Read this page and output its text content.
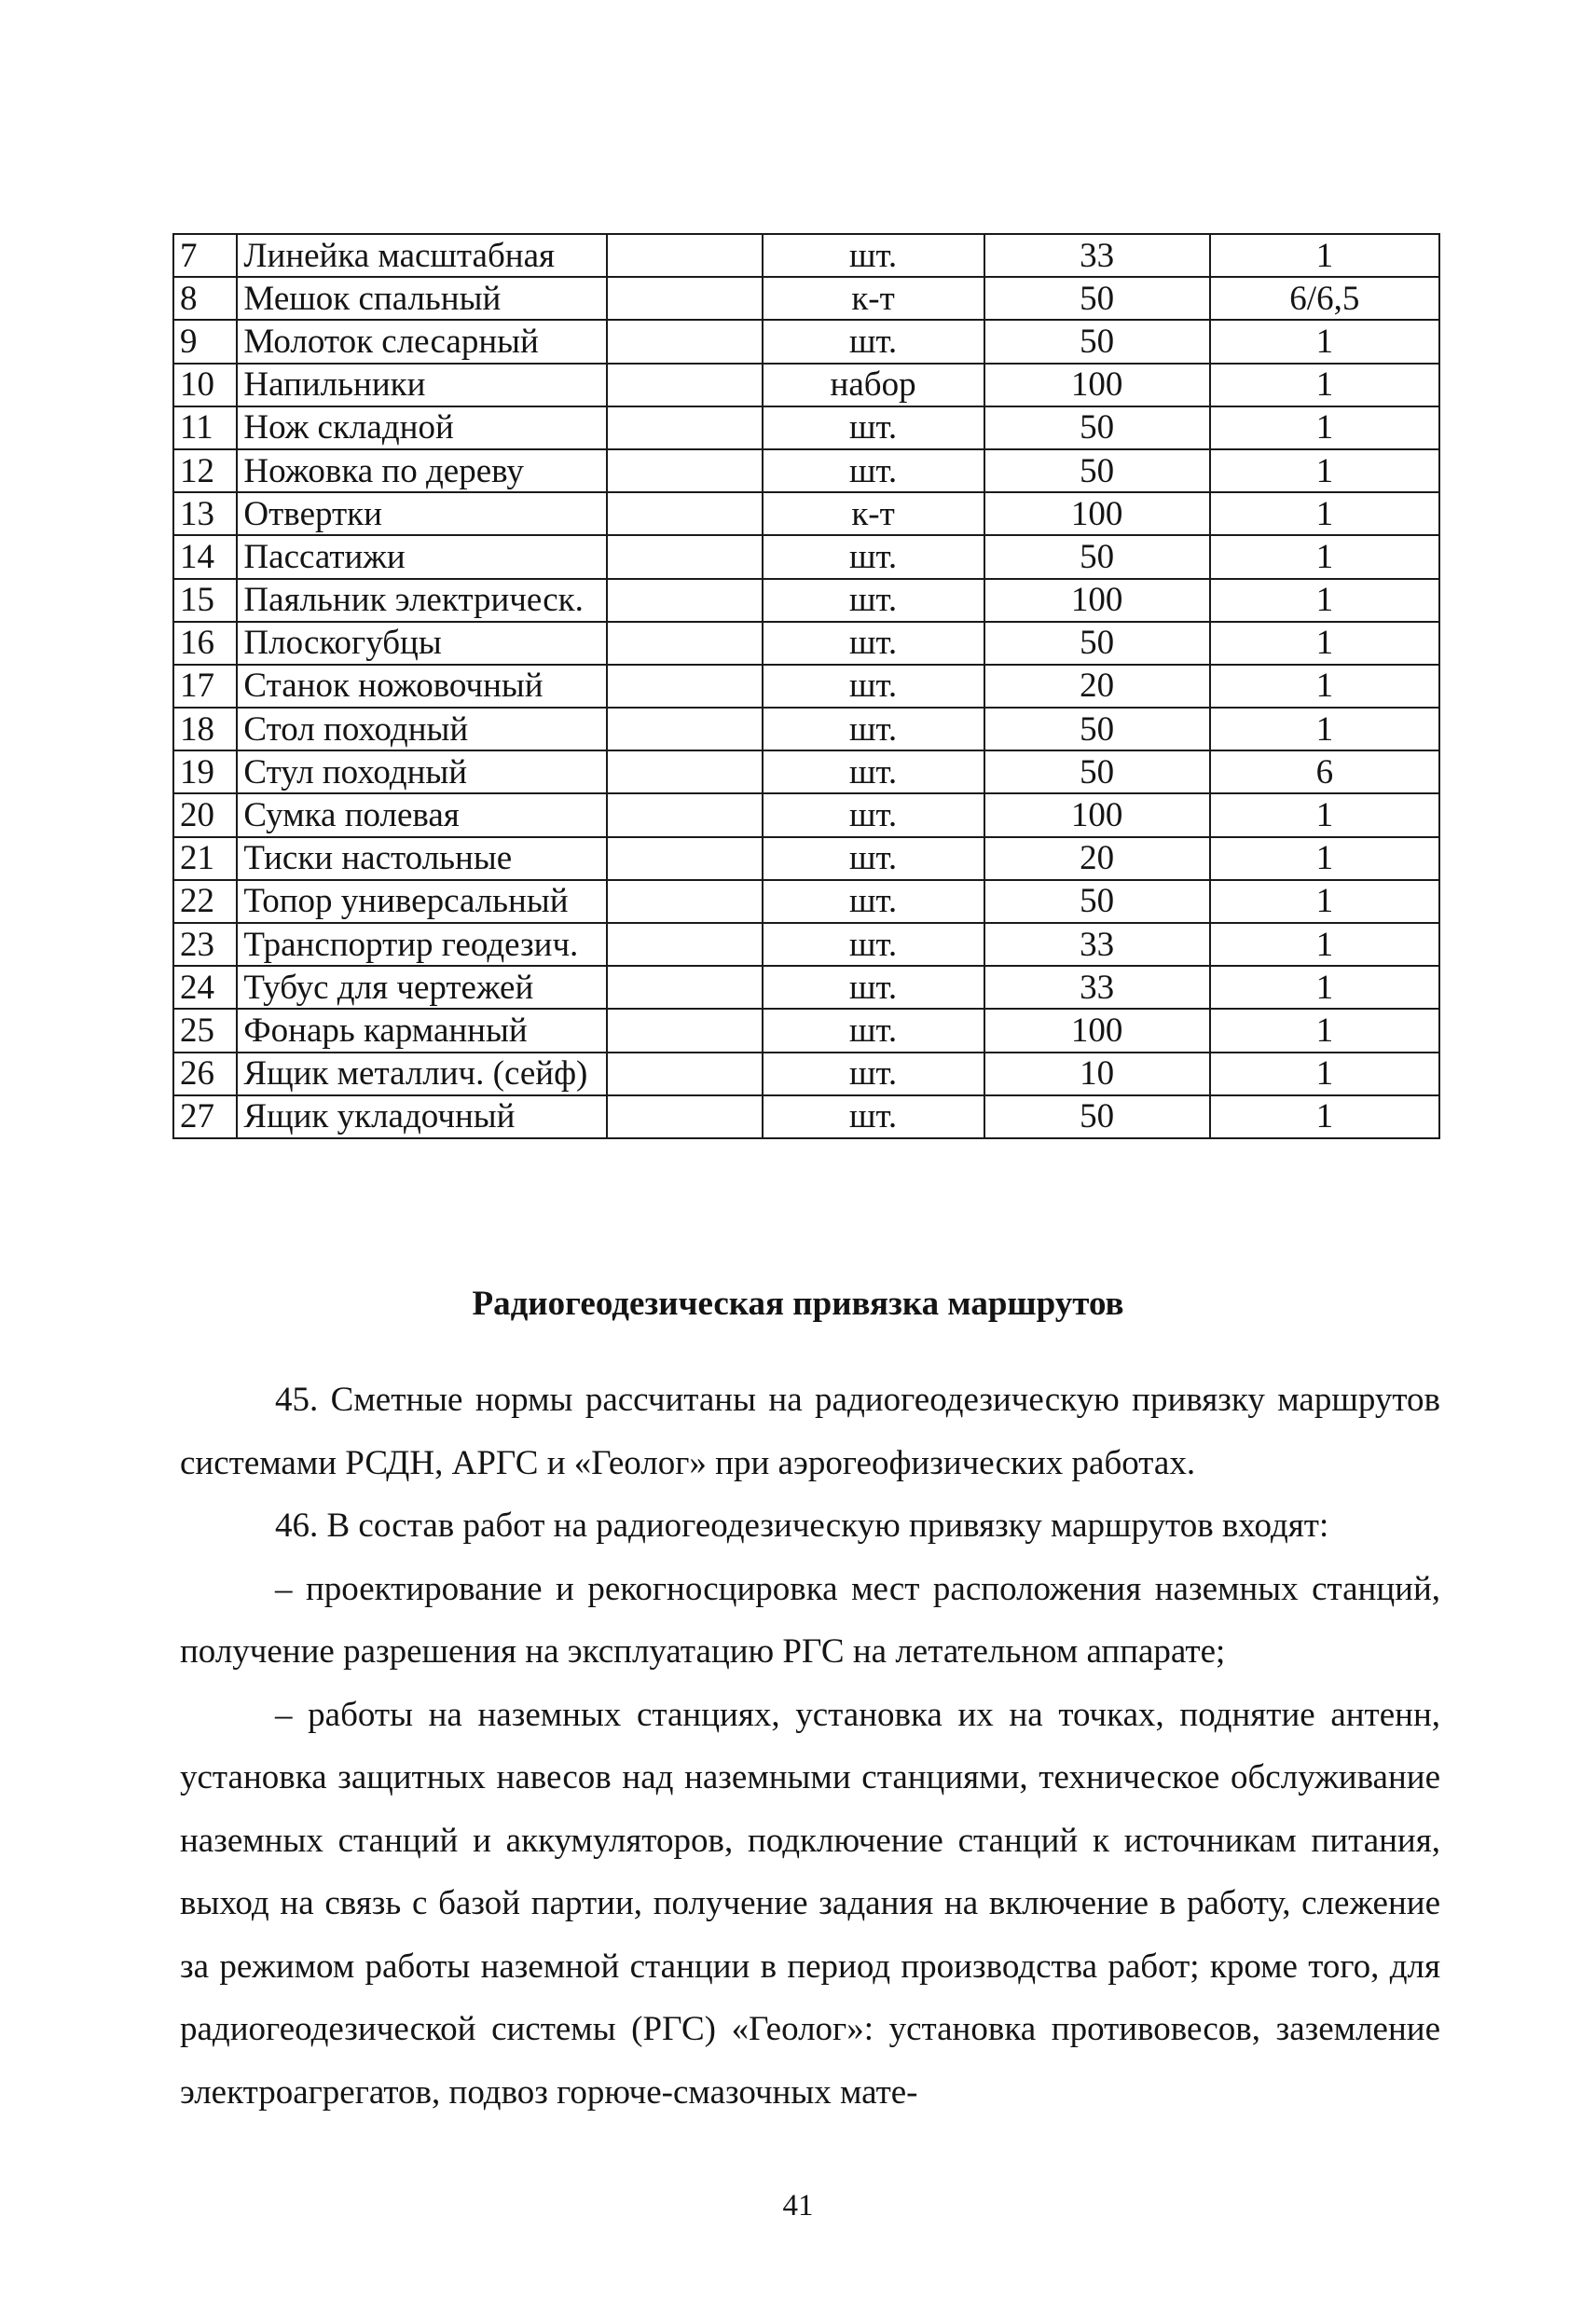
7	Линейка масштабная		шт.	33	1
8	Мешок спальный		к-т	50	6/6,5
9	Молоток слесарный		шт.	50	1
10	Напильники		набор	100	1
11	Нож складной		шт.	50	1
12	Ножовка по дереву		шт.	50	1
13	Отвертки		к-т	100	1
14	Пассатижи		шт.	50	1
15	Паяльник электрическ.		шт.	100	1
16	Плоскогубцы		шт.	50	1
17	Станок ножовочный		шт.	20	1
18	Стол походный		шт.	50	1
19	Стул походный		шт.	50	6
20	Сумка полевая		шт.	100	1
21	Тиски настольные		шт.	20	1
22	Топор универсальный		шт.	50	1
23	Транспортир геодезич.		шт.	33	1
24	Тубус для чертежей		шт.	33	1
25	Фонарь карманный		шт.	100	1
26	Ящик металлич. (сейф)		шт.	10	1
27	Ящик укладочный		шт.	50	1
Радиогеодезическая привязка маршрутов

45. Сметные нормы рассчитаны на радиогеодезическую привязку маршрутов системами РСДН, АРГС и «Геолог» при аэрогеофизических работах.

46. В состав работ на радиогеодезическую привязку маршрутов входят:

– проектирование и рекогносцировка мест расположения наземных станций, получение разрешения на эксплуатацию РГС на летательном аппарате;

– работы на наземных станциях, установка их на точках, поднятие антенн, установка защитных навесов над наземными станциями, техническое обслуживание наземных станций и аккумуляторов, подключение станций к источникам питания, выход на связь с базой партии, получение задания на включение в работу, слежение за режимом работы наземной станции в период производства работ; кроме того, для радиогеодезической системы (РГС) «Геолог»: установка противовесов, заземление электроагрегатов, подвоз горюче-смазочных мате-

41
